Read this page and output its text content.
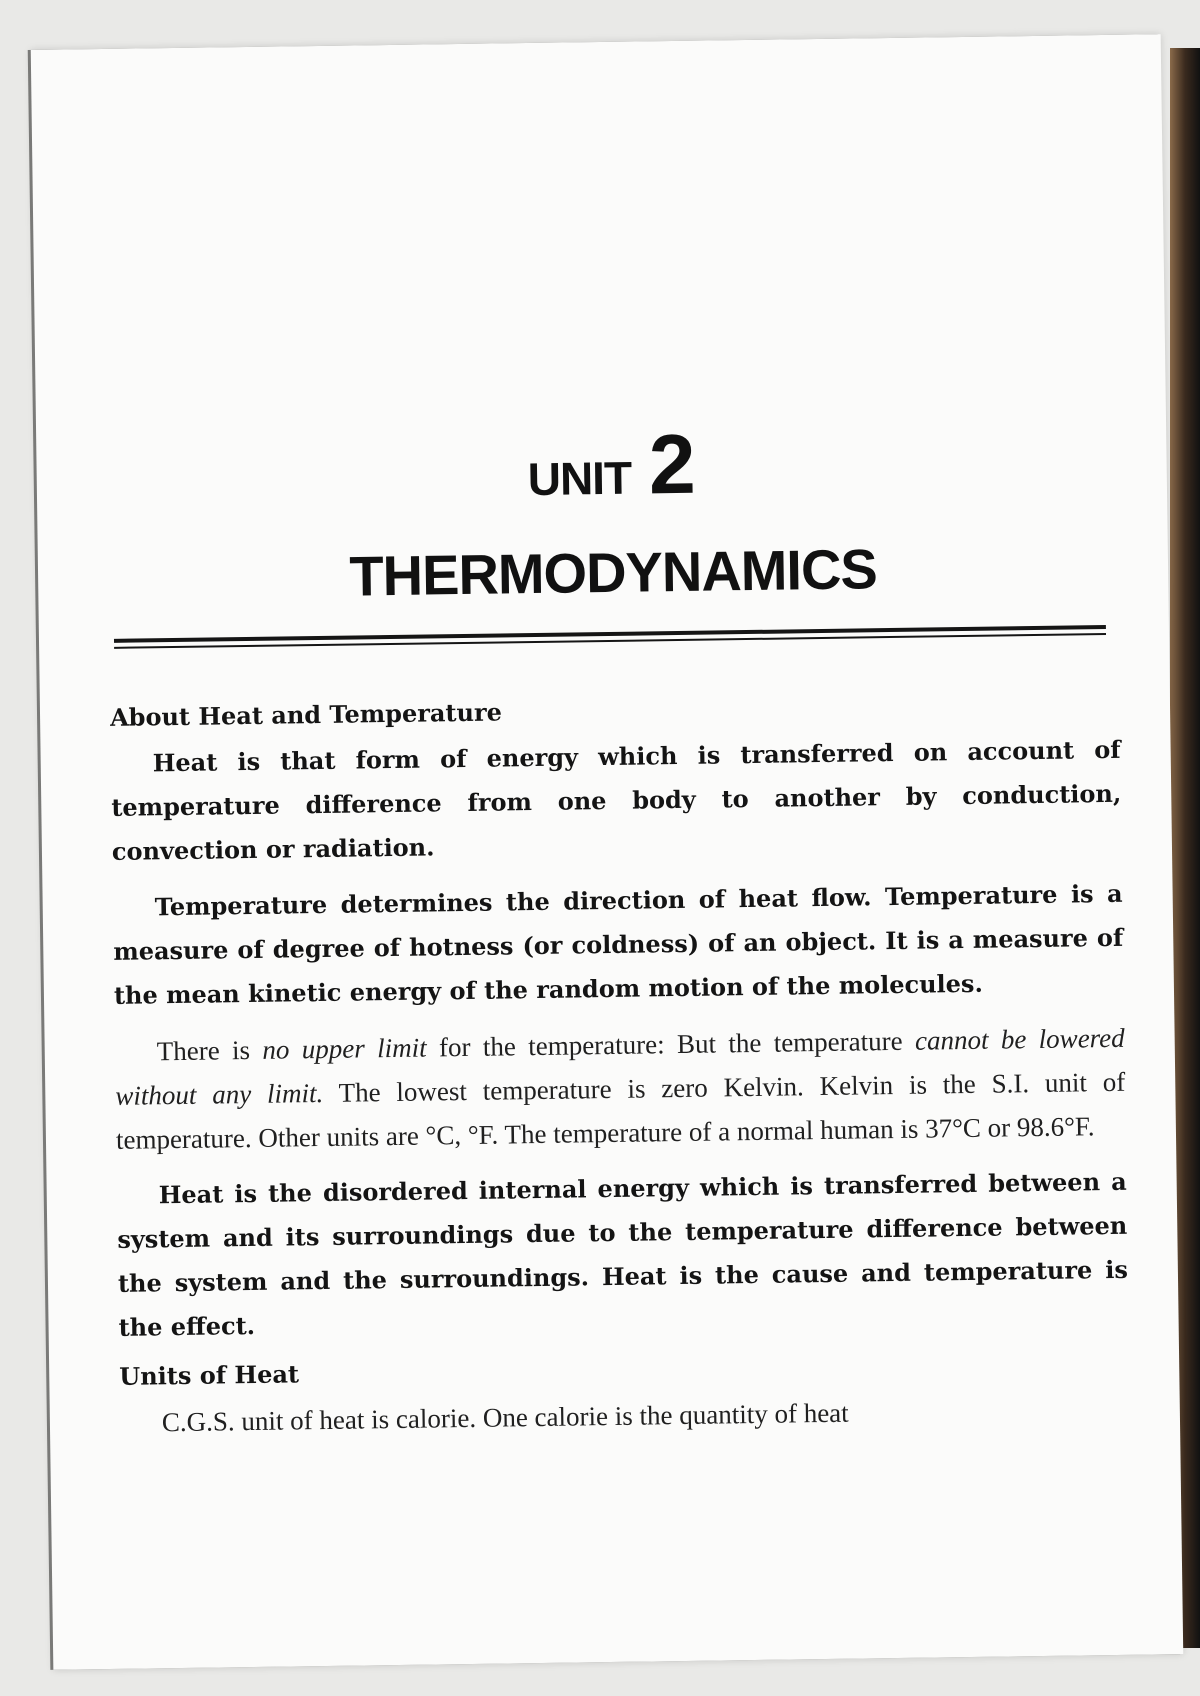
UNIT 2
THERMODYNAMICS
About Heat and Temperature

Heat is that form of energy which is transferred on account of temperature difference from one body to another by conduction, convection or radiation.

Temperature determines the direction of heat flow. Temperature is a measure of degree of hotness (or coldness) of an object. It is a measure of the mean kinetic energy of the random motion of the molecules.

There is no upper limit for the temperature: But the temperature cannot be lowered without any limit. The lowest temperature is zero Kelvin. Kelvin is the S.I. unit of temperature. Other units are °C, °F. The temperature of a normal human is 37°C or 98.6°F.

Heat is the disordered internal energy which is transferred between a system and its surroundings due to the temperature difference between the system and the surroundings. Heat is the cause and temperature is the effect.

Units of Heat

C.G.S. unit of heat is calorie. One calorie is the quantity of heat
